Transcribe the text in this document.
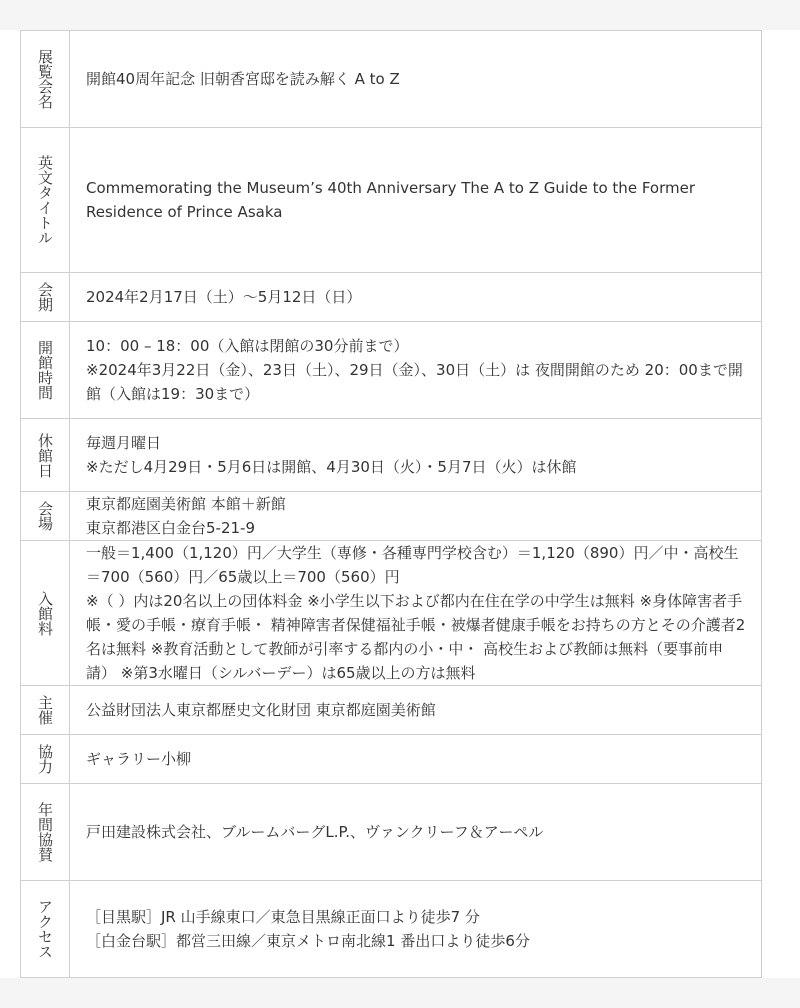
展覧会名	開館40周年記念 旧朝香宮邸を読み解く A to Z

英文タイトル	Commemorating the Museum’s 40th Anniversary The A to Z Guide to the Former Residence of Prince Asaka

会期	2024年2月17日（土）〜5月12日（日）

開館時間	10：00 – 18：00（入館は閉館の30分前まで）
※2024年3月22日（金）、23日（土）、29日（金）、30日（土）は 夜間開館のため 20：00まで開館（入館は19：30まで）

休館日	毎週月曜日
※ただし4月29日・5月6日は開館、4月30日（火）・5月7日（火）は休館

会場	東京都庭園美術館 本館＋新館
東京都港区白金台5-21-9

入館料	一般＝1,400（1,120）円／大学生（専修・各種専門学校含む）＝1,120（890）円／中・高校生＝700（560）円／65歳以上＝700（560）円
※（ ）内は20名以上の団体料金 ※小学生以下および都内在住在学の中学生は無料 ※身体障害者手帳・愛の手帳・療育手帳・ 精神障害者保健福祉手帳・被爆者健康手帳をお持ちの方とその介護者2名は無料 ※教育活動として教師が引率する都内の小・中・ 高校生および教師は無料（要事前申請） ※第3水曜日（シルバーデー）は65歳以上の方は無料

主催	公益財団法人東京都歴史文化財団 東京都庭園美術館

協力	ギャラリー小柳

年間協賛	戸田建設株式会社、ブルームバーグL.P.、ヴァンクリーフ＆アーペル

アクセス	［目黒駅］JR 山手線東口／東急目黒線正面口より徒歩7 分
［白金台駅］都営三田線／東京メトロ南北線1 番出口より徒歩6分
